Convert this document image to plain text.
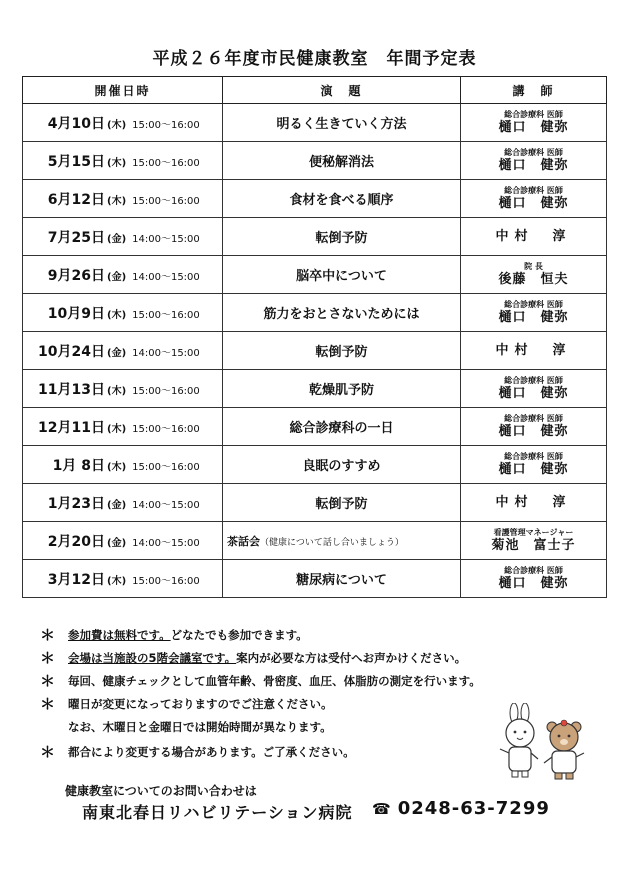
平成２６年度市民健康教室　年間予定表
開催日時	演　題	講　師
4月10日 (木) 15:00〜16:00	明るく生きていく方法	総合診療科 医師
樋口　健弥

5月15日 (木) 15:00〜16:00	便秘解消法	総合診療科 医師
樋口　健弥

6月12日 (木) 15:00〜16:00	食材を食べる順序	総合診療科 医師
樋口　健弥

7月25日 (金) 14:00〜15:00	転倒予防	中村　淳

9月26日 (金) 14:00〜15:00	脳卒中について	院 長
後藤　恒夫

10月9日 (木) 15:00〜16:00	筋力をおとさないためには	総合診療科 医師
樋口　健弥

10月24日 (金) 14:00〜15:00	転倒予防	中村　淳

11月13日 (木) 15:00〜16:00	乾燥肌予防	総合診療科 医師
樋口　健弥

12月11日 (木) 15:00〜16:00	総合診療科の一日	総合診療科 医師
樋口　健弥

1月 8日 (木) 15:00〜16:00	良眠のすすめ	総合診療科 医師
樋口　健弥

1月23日 (金) 14:00〜15:00	転倒予防	中村　淳

2月20日 (金) 14:00〜15:00	茶話会（健康について話し合いましょう）	看護管理マネージャー
菊池　富士子

3月12日 (木) 15:00〜16:00	糖尿病について	総合診療科 医師
樋口　健弥
＊ 参加費は無料です。どなたでも参加できます。
＊ 会場は当施設の5階会議室です。案内が必要な方は受付へお声かけください。
＊ 毎回、健康チェックとして血管年齢、骨密度、血圧、体脂肪の測定を行います。
＊ 曜日が変更になっておりますのでご注意ください。
なお、木曜日と金曜日では開始時間が異なります。
＊ 都合により変更する場合があります。ご了承ください。
健康教室についてのお問い合わせは
南東北春日リハビリテーション病院 ☎ 0248-63-7299
